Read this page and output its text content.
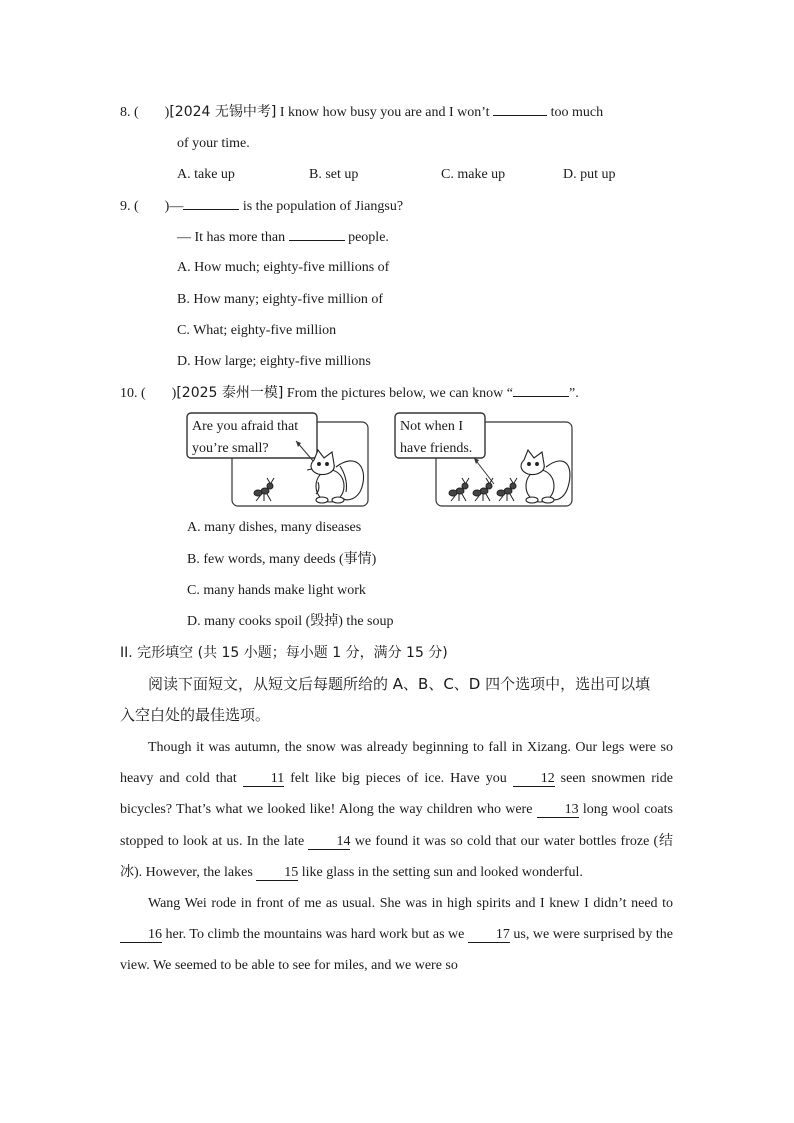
8. ( )[2024 无锡中考] I know how busy you are and I won’t	too much
of your time.
A. take up	B. set up	C. make up	D. put up
9. ( )—	is the population of Jiangsu?
— It has more than	people.
A. How much; eighty-five millions of
B. How many; eighty-five million of
C. What; eighty-five million
D. How large; eighty-five millions
10. ( )[2025 泰州一模] From the pictures below, we can know “	”.
Are you afraid that
you’re small?
Not when I
have friends.
A. many dishes, many diseases
B. few words, many deeds (事情)
C. many hands make light work
D. many cooks spoil (毁掉) the soup
II. 完形填空 (共 15 小题；每小题 1 分，满分 15 分)
阅读下面短文，从短文后每题所给的 A、B、C、D 四个选项中，选出可以填
入空白处的最佳选项。

Though it was autumn, the snow was already beginning to fall in Xizang. Our legs were so heavy and cold that 11 felt like big pieces of ice. Have you 12 seen snowmen ride bicycles? That’s what we looked like! Along the way children who were 13 long wool coats stopped to look at us. In the late 14 we found it was so cold that our water bottles froze (结冰). However, the lakes 15 like glass in the setting sun and looked wonderful.

Wang Wei rode in front of me as usual. She was in high spirits and I knew I didn’t need to 16 her. To climb the mountains was hard work but as we 17 us, we were surprised by the view. We seemed to be able to see for miles, and we were so
